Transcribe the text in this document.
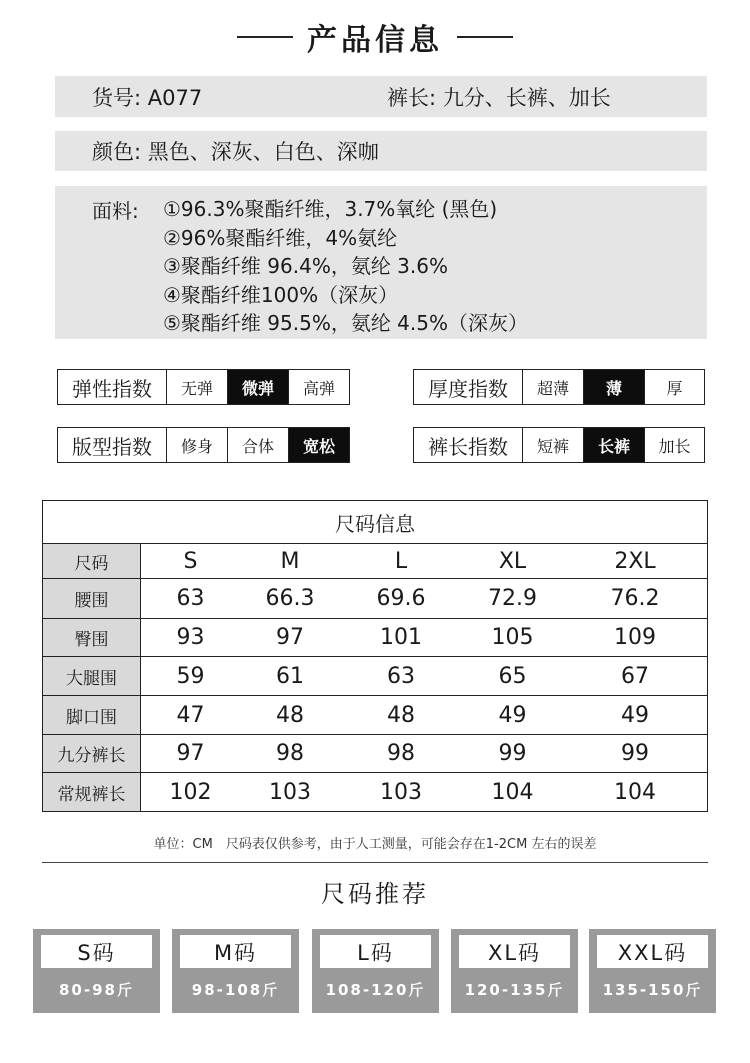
产品信息
货号: A077	裤长: 九分、长裤、加长
颜色: 黑色、深灰、白色、深咖
面料: ①96.3%聚酯纤维，3.7%氧纶 (黑色)
②96%聚酯纤维，4%氨纶
③聚酯纤维 96.4%，氨纶 3.6%
④聚酯纤维100%（深灰）
⑤聚酯纤维 95.5%，氨纶 4.5%（深灰）
弹性指数	无弹	微弹	高弹	厚度指数	超薄	薄	厚
版型指数	修身	合体	宽松	裤长指数	短裤	长裤	加长
尺码信息
尺码	S	M	L	XL	2XL
腰围	63	66.3	69.6	72.9	76.2
臀围	93	97	101	105	109
大腿围	59	61	63	65	67
脚口围	47	48	48	49	49
九分裤长	97	98	98	99	99
常规裤长	102	103	103	104	104
单位：CM　尺码表仅供参考，由于人工测量，可能会存在1-2CM 左右的误差
尺码推荐
S码
80-98斤
M码
98-108斤
L码
108-120斤
XL码
120-135斤
XXL码
135-150斤
